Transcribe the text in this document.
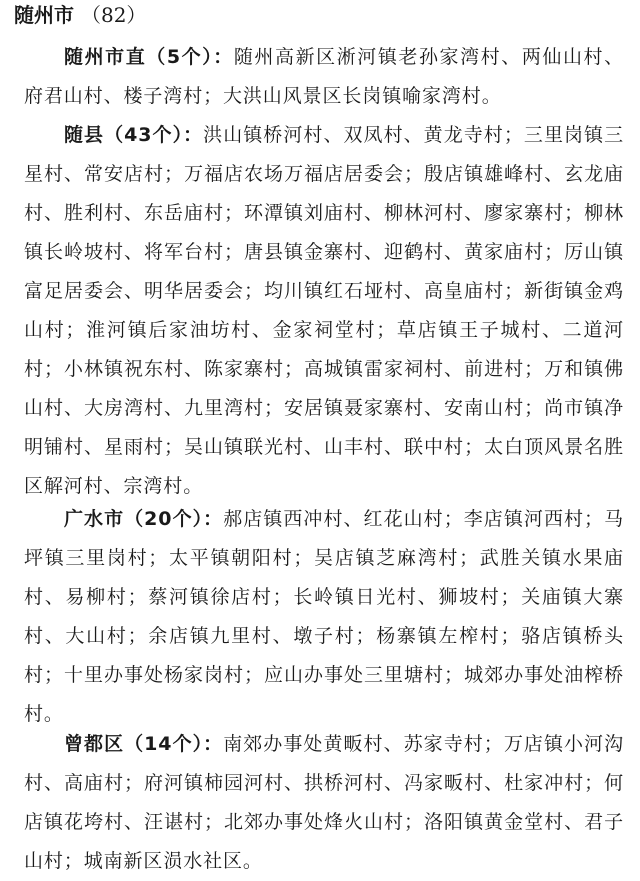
随州市 （82）

随州市直（5个）：随州高新区淅河镇老孙家湾村、两仙山村、府君山村、楼子湾村；大洪山风景区长岗镇喻家湾村。

随县（43个）：洪山镇桥河村、双凤村、黄龙寺村；三里岗镇三星村、常安店村；万福店农场万福店居委会；殷店镇雄峰村、玄龙庙村、胜利村、东岳庙村；环潭镇刘庙村、柳林河村、廖家寨村；柳林镇长岭坡村、将军台村；唐县镇金寨村、迎鹤村、黄家庙村；厉山镇富足居委会、明华居委会；均川镇红石垭村、高皇庙村；新街镇金鸡山村；淮河镇后家油坊村、金家祠堂村；草店镇王子城村、二道河村；小林镇祝东村、陈家寨村；高城镇雷家祠村、前进村；万和镇佛山村、大房湾村、九里湾村；安居镇聂家寨村、安南山村；尚市镇净明铺村、星雨村；吴山镇联光村、山丰村、联中村；太白顶风景名胜区解河村、宗湾村。

广水市（20个）：郝店镇西冲村、红花山村；李店镇河西村；马坪镇三里岗村；太平镇朝阳村；吴店镇芝麻湾村；武胜关镇水果庙村、易柳村；蔡河镇徐店村；长岭镇日光村、狮坡村；关庙镇大寨村、大山村；余店镇九里村、墩子村；杨寨镇左榨村；骆店镇桥头村；十里办事处杨家岗村；应山办事处三里塘村；城郊办事处油榨桥村。

曾都区（14个）：南郊办事处黄畈村、苏家寺村；万店镇小河沟村、高庙村；府河镇柿园河村、拱桥河村、冯家畈村、杜家冲村；何店镇花垮村、汪谌村；北郊办事处烽火山村；洛阳镇黄金堂村、君子山村；城南新区涢水社区。
